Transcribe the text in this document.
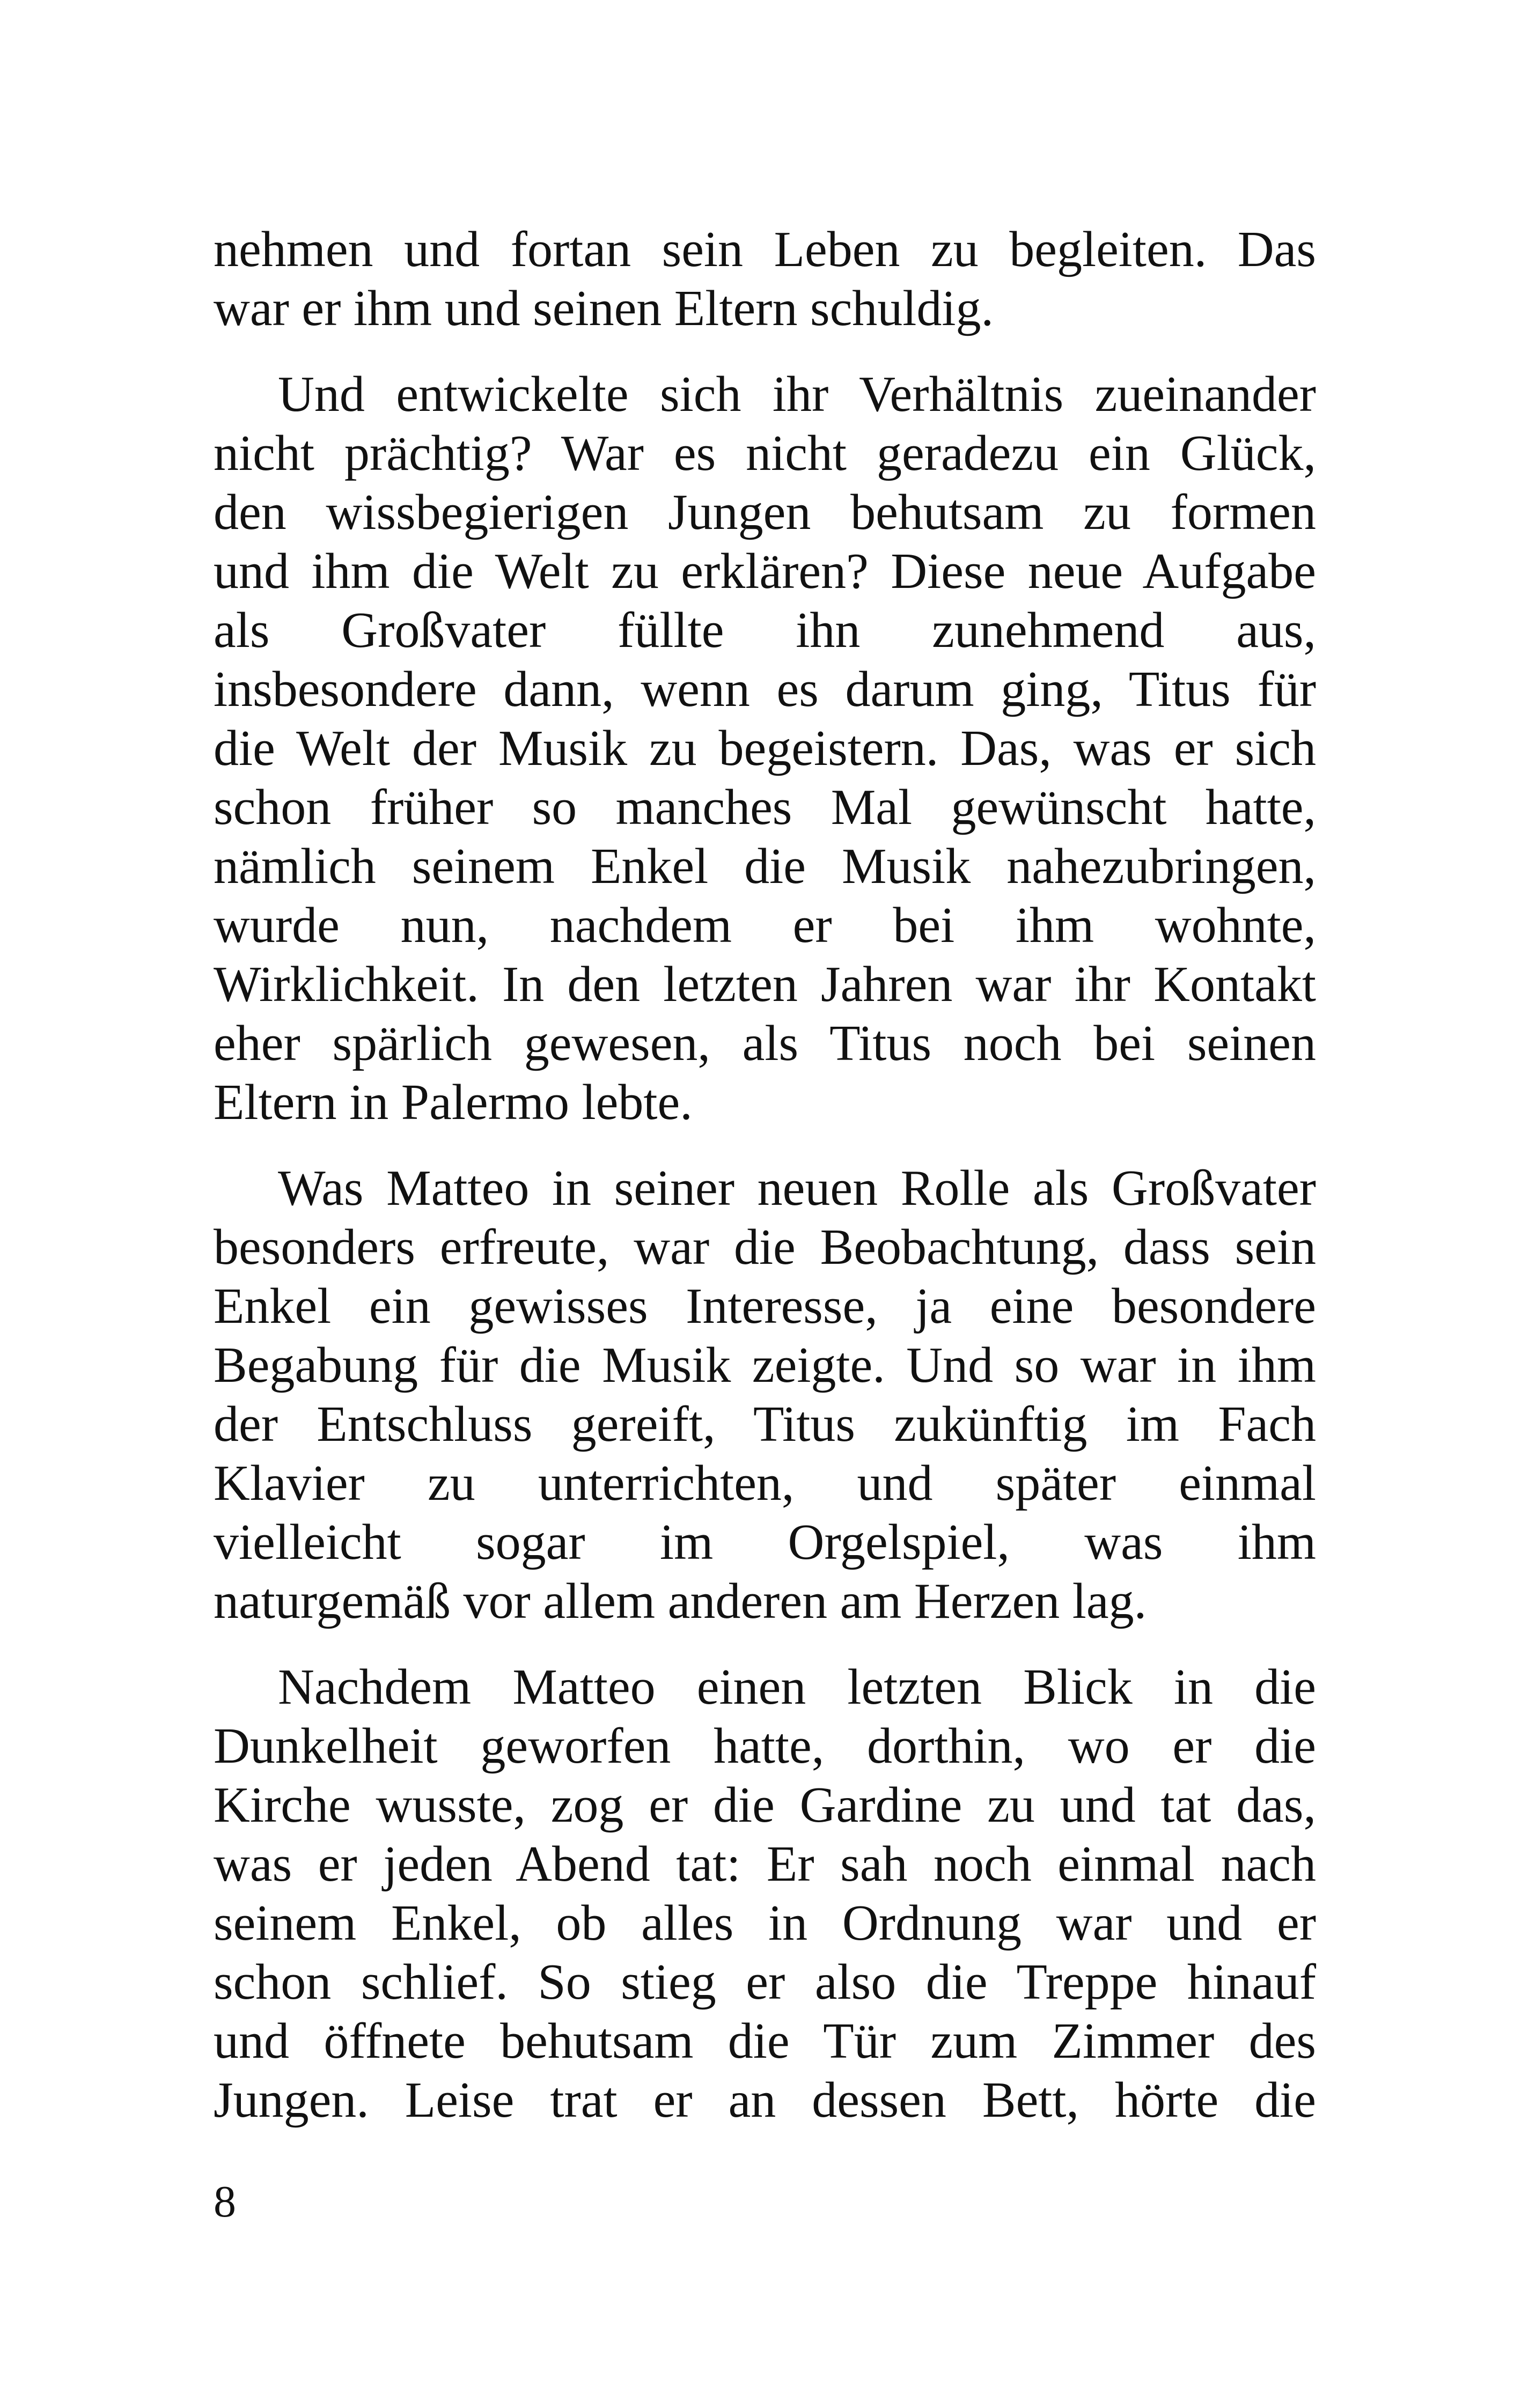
nehmen und fortan sein Leben zu begleiten. Das
war er ihm und seinen Eltern schuldig.
Und entwickelte sich ihr Verhältnis zueinander
nicht prächtig? War es nicht geradezu ein Glück,
den wissbegierigen Jungen behutsam zu formen
und ihm die Welt zu erklären? Diese neue Aufgabe
als Großvater füllte ihn zunehmend aus,
insbesondere dann, wenn es darum ging, Titus für
die Welt der Musik zu begeistern. Das, was er sich
schon früher so manches Mal gewünscht hatte,
nämlich seinem Enkel die Musik nahezubringen,
wurde nun, nachdem er bei ihm wohnte,
Wirklichkeit. In den letzten Jahren war ihr Kontakt
eher spärlich gewesen, als Titus noch bei seinen
Eltern in Palermo lebte.
Was Matteo in seiner neuen Rolle als Großvater
besonders erfreute, war die Beobachtung, dass sein
Enkel ein gewisses Interesse, ja eine besondere
Begabung für die Musik zeigte. Und so war in ihm
der Entschluss gereift, Titus zukünftig im Fach
Klavier zu unterrichten, und später einmal
vielleicht sogar im Orgelspiel, was ihm
naturgemäß vor allem anderen am Herzen lag.
Nachdem Matteo einen letzten Blick in die
Dunkelheit geworfen hatte, dorthin, wo er die
Kirche wusste, zog er die Gardine zu und tat das,
was er jeden Abend tat: Er sah noch einmal nach
seinem Enkel, ob alles in Ordnung war und er
schon schlief. So stieg er also die Treppe hinauf
und öffnete behutsam die Tür zum Zimmer des
Jungen. Leise trat er an dessen Bett, hörte die
8
